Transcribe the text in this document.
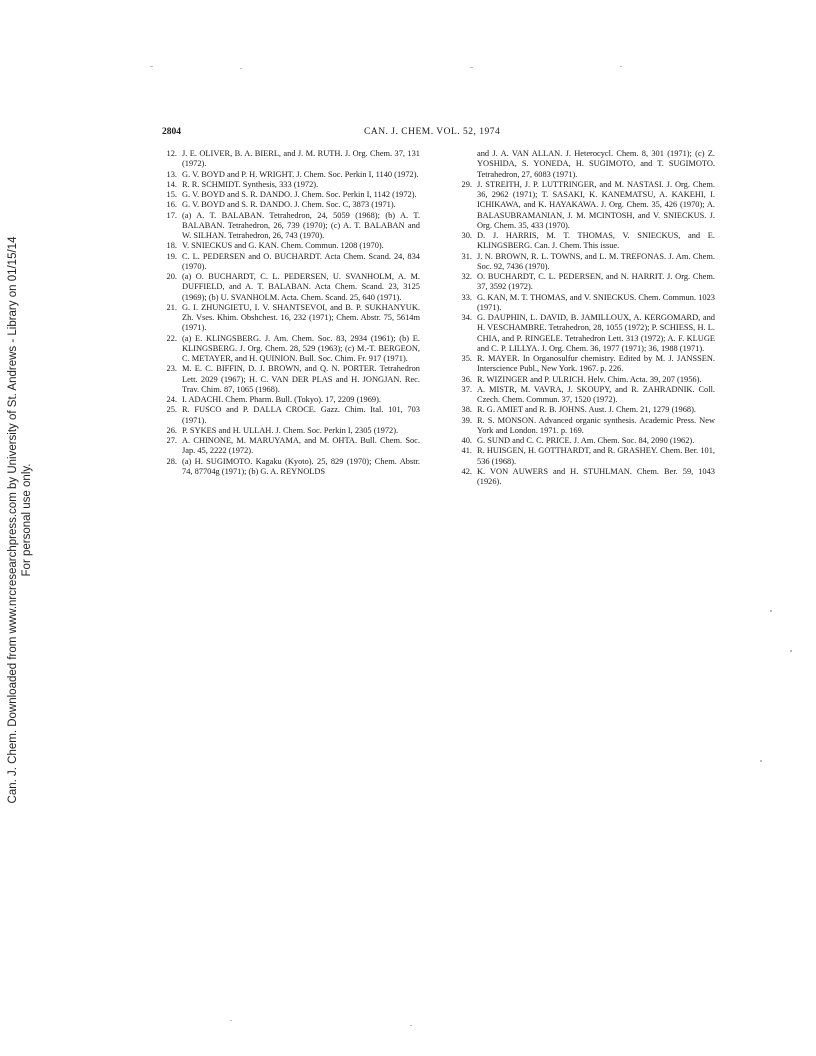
Can. J. Chem. Downloaded from www.nrcresearchpress.com by University of St. Andrews - Library on 01/15/14 For personal use only.
2804	CAN. J. CHEM. VOL. 52, 1974
12. J. E. OLIVER, B. A. BIERL, and J. M. RUTH. J. Org. Chem. 37, 131 (1972).
13. G. V. BOYD and P. H. WRIGHT. J. Chem. Soc. Perkin I, 1140 (1972).
14. R. R. SCHMIDT. Synthesis, 333 (1972).
15. G. V. BOYD and S. R. DANDO. J. Chem. Soc. Perkin I, 1142 (1972).
16. G. V. BOYD and S. R. DANDO. J. Chem. Soc. C, 3873 (1971).
17. (a) A. T. BALABAN. Tetrahedron, 24, 5059 (1968); (b) A. T. BALABAN. Tetrahedron, 26, 739 (1970); (c) A. T. BALABAN and W. SILHAN. Tetrahedron, 26, 743 (1970).
18. V. SNIECKUS and G. KAN. Chem. Commun. 1208 (1970).
19. C. L. PEDERSEN and O. BUCHARDT. Acta Chem. Scand. 24, 834 (1970).
20. (a) O. BUCHARDT, C. L. PEDERSEN, U. SVANHOLM, A. M. DUFFIELD, and A. T. BALABAN. Acta Chem. Scand. 23, 3125 (1969); (b) U. SVANHOLM. Acta. Chem. Scand. 25, 640 (1971).
21. G. I. ZHUNGIETU, I. V. SHANTSEVOI, and B. P. SUKHANYUK. Zh. Vses. Khim. Obshchest. 16, 232 (1971); Chem. Abstr. 75, 5614m (1971).
22. (a) E. KLINGSBERG. J. Am. Chem. Soc. 83, 2934 (1961); (b) E. KLINGSBERG. J. Org. Chem. 28, 529 (1963); (c) M.-T. BERGEON, C. METAYER, and H. QUINION. Bull. Soc. Chim. Fr. 917 (1971).
23. M. E. C. BIFFIN, D. J. BROWN, and Q. N. PORTER. Tetrahedron Lett. 2029 (1967); H. C. VAN DER PLAS and H. JONGJAN. Rec. Trav. Chim. 87, 1065 (1968).
24. I. ADACHI. Chem. Pharm. Bull. (Tokyo). 17, 2209 (1969).
25. R. FUSCO and P. DALLA CROCE. Gazz. Chim. Ital. 101, 703 (1971).
26. P. SYKES and H. ULLAH. J. Chem. Soc. Perkin I, 2305 (1972).
27. A. CHINONE, M. MARUYAMA, and M. OHTA. Bull. Chem. Soc. Jap. 45, 2222 (1972).
28. (a) H. SUGIMOTO. Kagaku (Kyoto). 25, 829 (1970); Chem. Abstr. 74, 87704g (1971); (b) G. A. REYNOLDS
and J. A. VAN ALLAN. J. Heterocycl. Chem. 8, 301 (1971); (c) Z. YOSHIDA, S. YONEDA, H. SUGIMOTO, and T. SUGIMOTO. Tetrahedron, 27, 6083 (1971).
29. J. STREITH, J. P. LUTTRINGER, and M. NASTASI. J. Org. Chem. 36, 2962 (1971); T. SASAKI, K. KANEMATSU, A. KAKEHI, I. ICHIKAWA, and K. HAYAKAWA. J. Org. Chem. 35, 426 (1970); A. BALASUBRAMANIAN, J. M. MCINTOSH, and V. SNIECKUS. J. Org. Chem. 35, 433 (1970).
30. D. J. HARRIS, M. T. THOMAS, V. SNIECKUS, and E. KLINGSBERG. Can. J. Chem. This issue.
31. J. N. BROWN, R. L. TOWNS, and L. M. TREFONAS. J. Am. Chem. Soc. 92, 7436 (1970).
32. O. BUCHARDT, C. L. PEDERSEN, and N. HARRIT. J. Org. Chem. 37, 3592 (1972).
33. G. KAN, M. T. THOMAS, and V. SNIECKUS. Chem. Commun. 1023 (1971).
34. G. DAUPHIN, L. DAVID, B. JAMILLOUX, A. KERGOMARD, and H. VESCHAMBRE. Tetrahedron, 28, 1055 (1972); P. SCHIESS, H. L. CHIA, and P. RINGELE. Tetrahedron Lett. 313 (1972); A. F. KLUGE and C. P. LILLYA. J. Org. Chem. 36, 1977 (1971); 36, 1988 (1971).
35. R. MAYER. In Organosulfur chemistry. Edited by M. J. JANSSEN. Interscience Publ., New York. 1967. p. 226.
36. R. WIZINGER and P. ULRICH. Helv. Chim. Acta. 39, 207 (1956).
37. A. MISTR, M. VAVRA, J. SKOUPY, and R. ZAHRADNIK. Coll. Czech. Chem. Commun. 37, 1520 (1972).
38. R. G. AMIET and R. B. JOHNS. Aust. J. Chem. 21, 1279 (1968).
39. R. S. MONSON. Advanced organic synthesis. Academic Press. New York and London. 1971. p. 169.
40. G. SUND and C. C. PRICE. J. Am. Chem. Soc. 84, 2090 (1962).
41. R. HUISGEN, H. GOTTHARDT, and R. GRASHEY. Chem. Ber. 101, 536 (1968).
42. K. VON AUWERS and H. STUHLMAN. Chem. Ber. 59, 1043 (1926).
